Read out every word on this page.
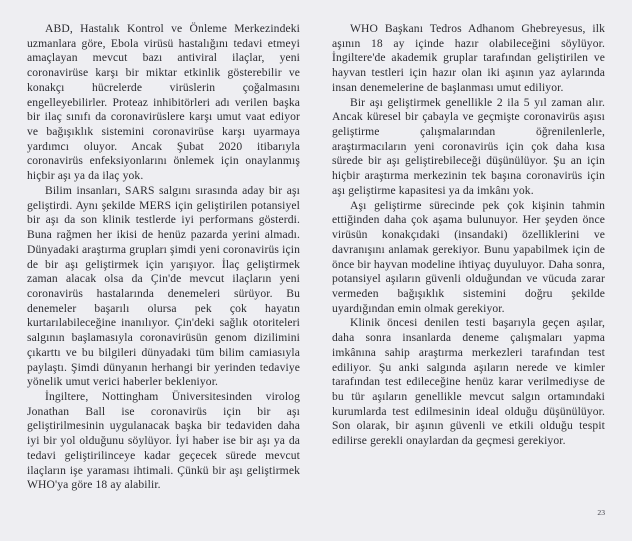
ABD, Hastalık Kontrol ve Önleme Merkezindeki uzmanlara göre, Ebola virüsü hastalığını tedavi etmeyi amaçlayan mevcut bazı antiviral ilaçlar, yeni coronavirüse karşı bir miktar etkinlik gösterebilir ve konakçı hücrelerde virüslerin çoğalmasını engelleyebilirler. Proteaz inhibitörleri adı verilen başka bir ilaç sınıfı da coronavirüslere karşı umut vaat ediyor ve bağışıklık sistemini coronavirüse karşı uyarmaya yardımcı oluyor. Ancak Şubat 2020 itibarıyla coronavirüs enfeksiyonlarını önlemek için onaylanmış hiçbir aşı ya da ilaç yok.

Bilim insanları, SARS salgını sırasında aday bir aşı geliştirdi. Aynı şekilde MERS için geliştirilen potansiyel bir aşı da son klinik testlerde iyi performans gösterdi. Buna rağmen her ikisi de henüz pazarda yerini almadı. Dünyadaki araştırma grupları şimdi yeni coronavirüs için de bir aşı geliştirmek için yarışıyor. İlaç geliştirmek zaman alacak olsa da Çin'de mevcut ilaçların yeni coronavirüs hastalarında denemeleri sürüyor. Bu denemeler başarılı olursa pek çok hayatın kurtarılabileceğine inanılıyor. Çin'deki sağlık otoriteleri salgının başlamasıyla coronavirüsün genom dizilimini çıkarttı ve bu bilgileri dünyadaki tüm bilim camiasıyla paylaştı. Şimdi dünyanın herhangi bir yerinden tedaviye yönelik umut verici haberler bekleniyor.

İngiltere, Nottingham Üniversitesinden virolog Jonathan Ball ise coronavirüs için bir aşı geliştirilmesinin uygulanacak başka bir tedaviden daha iyi bir yol olduğunu söylüyor. İyi haber ise bir aşı ya da tedavi geliştirilinceye kadar geçecek sürede mevcut ilaçların işe yaraması ihtimali. Çünkü bir aşı geliştirmek WHO'ya göre 18 ay alabilir.

WHO Başkanı Tedros Adhanom Ghebreyesus, ilk aşının 18 ay içinde hazır olabileceğini söylüyor. İngiltere'de akademik gruplar tarafından geliştirilen ve hayvan testleri için hazır olan iki aşının yaz aylarında insan denemelerine de başlanması umut ediliyor.

Bir aşı geliştirmek genellikle 2 ila 5 yıl zaman alır. Ancak küresel bir çabayla ve geçmişte coronavirüs aşısı geliştirme çalışmalarından öğrenilenlerle, araştırmacıların yeni coronavirüs için çok daha kısa sürede bir aşı geliştirebileceği düşünülüyor. Şu an için hiçbir araştırma merkezinin tek başına coronavirüs için aşı geliştirme kapasitesi ya da imkânı yok.

Aşı geliştirme sürecinde pek çok kişinin tahmin ettiğinden daha çok aşama bulunuyor. Her şeyden önce virüsün konakçıdaki (insandaki) özelliklerini ve davranışını anlamak gerekiyor. Bunu yapabilmek için de önce bir hayvan modeline ihtiyaç duyuluyor. Daha sonra, potansiyel aşıların güvenli olduğundan ve vücuda zarar vermeden bağışıklık sistemini doğru şekilde uyardığından emin olmak gerekiyor.

Klinik öncesi denilen testi başarıyla geçen aşılar, daha sonra insanlarda deneme çalışmaları yapma imkânına sahip araştırma merkezleri tarafından test ediliyor. Şu anki salgında aşıların nerede ve kimler tarafından test edileceğine henüz karar verilmediyse de bu tür aşıların genellikle mevcut salgın ortamındaki kurumlarda test edilmesinin ideal olduğu düşünülüyor. Son olarak, bir aşının güvenli ve etkili olduğu tespit edilirse gerekli onaylardan da geçmesi gerekiyor.

23
